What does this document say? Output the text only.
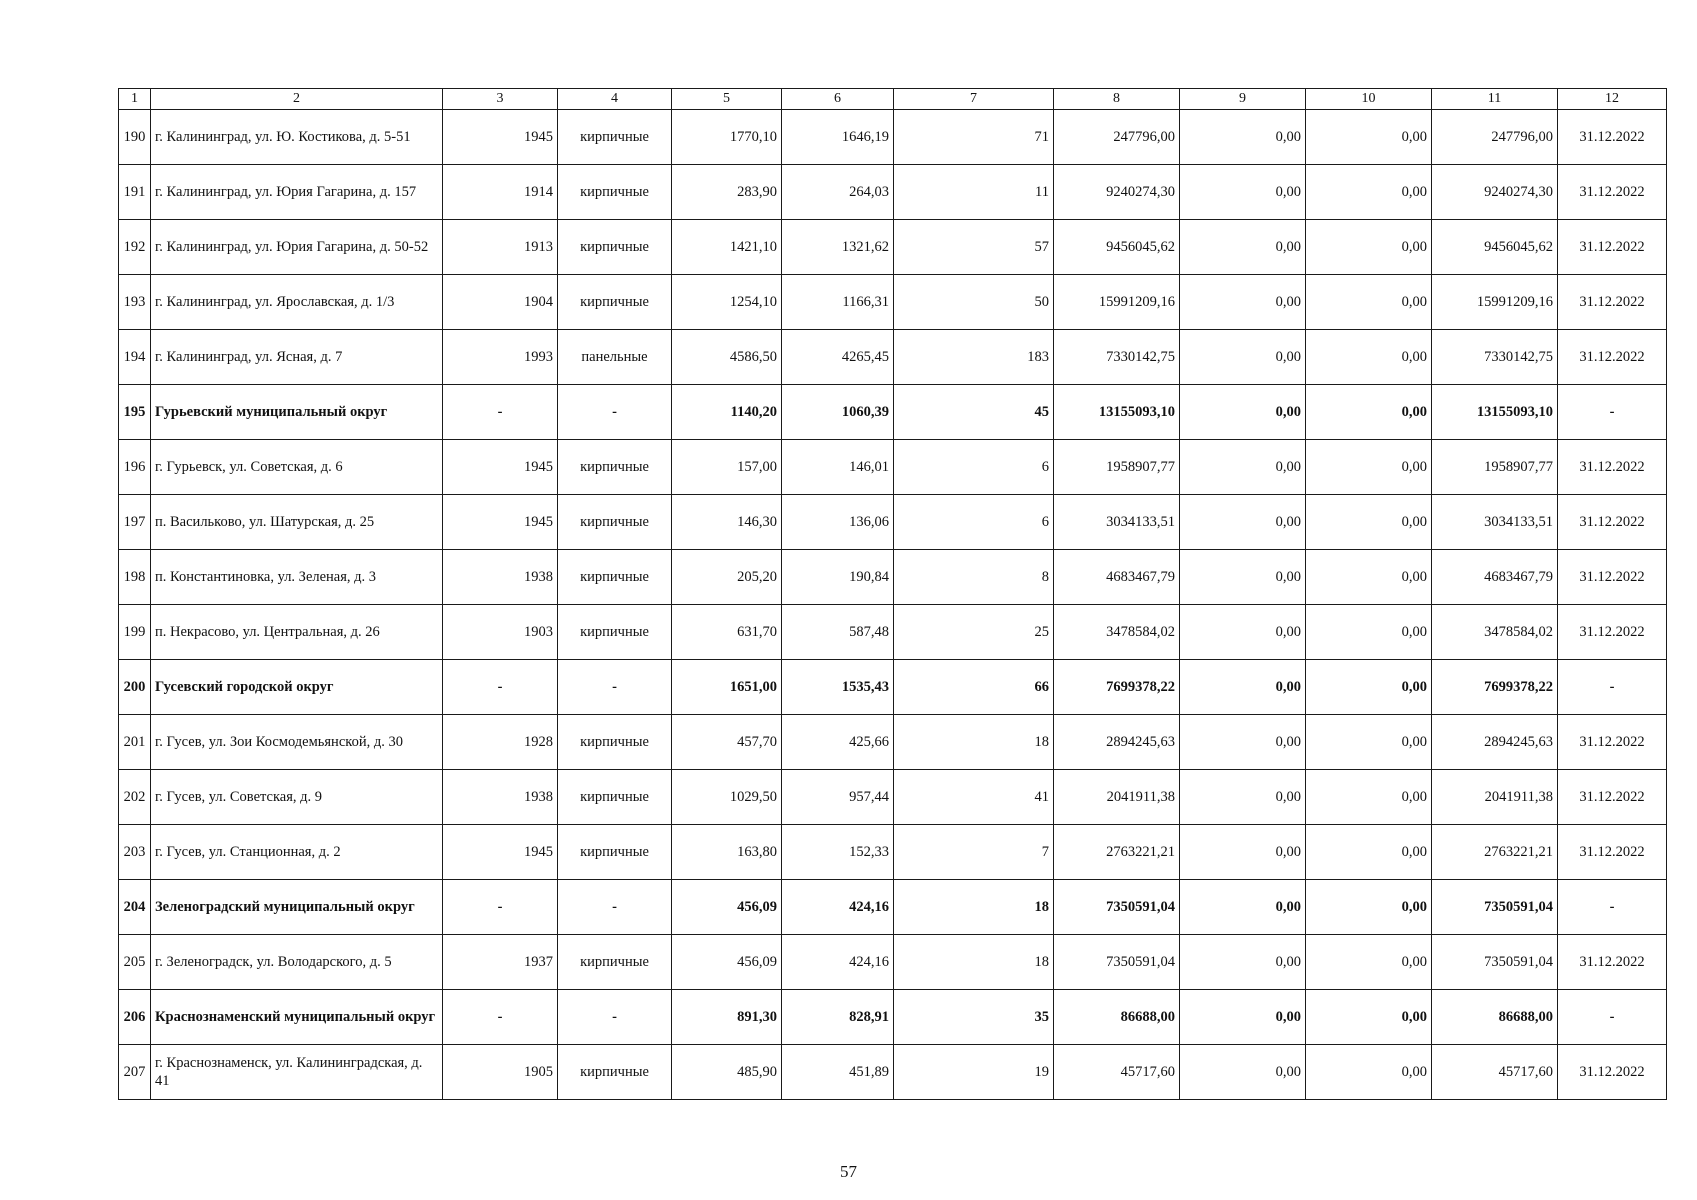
1	2	3	4	5	6	7	8	9	10	11	12
190	г. Калининград, ул. Ю. Костикова, д. 5-51	1945	кирпичные	1770,10	1646,19	71	247796,00	0,00	0,00	247796,00	31.12.2022
191	г. Калининград, ул. Юрия Гагарина, д. 157	1914	кирпичные	283,90	264,03	11	9240274,30	0,00	0,00	9240274,30	31.12.2022
192	г. Калининград, ул. Юрия Гагарина, д. 50-52	1913	кирпичные	1421,10	1321,62	57	9456045,62	0,00	0,00	9456045,62	31.12.2022
193	г. Калининград, ул. Ярославская, д. 1/3	1904	кирпичные	1254,10	1166,31	50	15991209,16	0,00	0,00	15991209,16	31.12.2022
194	г. Калининград, ул. Ясная, д. 7	1993	панельные	4586,50	4265,45	183	7330142,75	0,00	0,00	7330142,75	31.12.2022
195	Гурьевский муниципальный округ	-	-	1140,20	1060,39	45	13155093,10	0,00	0,00	13155093,10	-
196	г. Гурьевск, ул. Советская, д. 6	1945	кирпичные	157,00	146,01	6	1958907,77	0,00	0,00	1958907,77	31.12.2022
197	п. Васильково, ул. Шатурская, д. 25	1945	кирпичные	146,30	136,06	6	3034133,51	0,00	0,00	3034133,51	31.12.2022
198	п. Константиновка, ул. Зеленая, д. 3	1938	кирпичные	205,20	190,84	8	4683467,79	0,00	0,00	4683467,79	31.12.2022
199	п. Некрасово, ул. Центральная, д. 26	1903	кирпичные	631,70	587,48	25	3478584,02	0,00	0,00	3478584,02	31.12.2022
200	Гусевский городской округ	-	-	1651,00	1535,43	66	7699378,22	0,00	0,00	7699378,22	-
201	г. Гусев, ул. Зои Космодемьянской, д. 30	1928	кирпичные	457,70	425,66	18	2894245,63	0,00	0,00	2894245,63	31.12.2022
202	г. Гусев, ул. Советская, д. 9	1938	кирпичные	1029,50	957,44	41	2041911,38	0,00	0,00	2041911,38	31.12.2022
203	г. Гусев, ул. Станционная, д. 2	1945	кирпичные	163,80	152,33	7	2763221,21	0,00	0,00	2763221,21	31.12.2022
204	Зеленоградский муниципальный округ	-	-	456,09	424,16	18	7350591,04	0,00	0,00	7350591,04	-
205	г. Зеленоградск, ул. Володарского, д. 5	1937	кирпичные	456,09	424,16	18	7350591,04	0,00	0,00	7350591,04	31.12.2022
206	Краснознаменский муниципальный округ	-	-	891,30	828,91	35	86688,00	0,00	0,00	86688,00	-
207	г. Краснознаменск, ул. Калининградская, д. 41	1905	кирпичные	485,90	451,89	19	45717,60	0,00	0,00	45717,60	31.12.2022
57
